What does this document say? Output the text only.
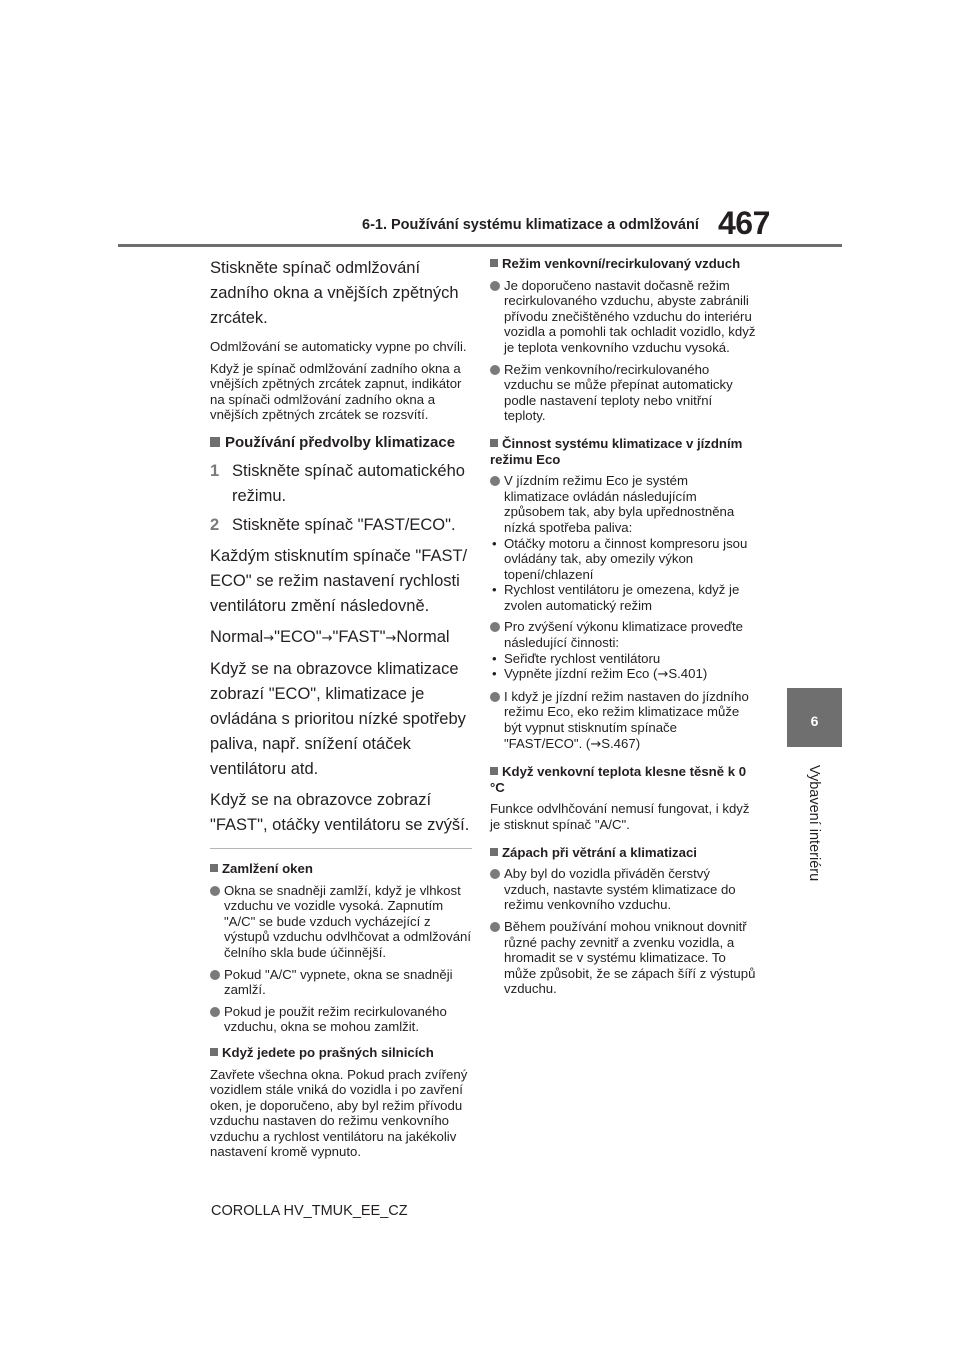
6-1. Používání systému klimatizace a odmlžování 467
6
Vybavení interiéru

Stiskněte spínač odmlžování zadního okna a vnějších zpětných zrcátek.

Odmlžování se automaticky vypne po chvíli.

Když je spínač odmlžování zadního okna a vnějších zpětných zrcátek zapnut, indikátor na spínači odmlžování zadního okna a vnějších zpětných zrcátek se rozsvítí.

Používání předvolby klimatizace
1 Stiskněte spínač automatického režimu.
2 Stiskněte spínač "FAST/ECO".

Každým stisknutím spínače "FAST/ ECO" se režim nastavení rychlosti ventilátoru změní následovně.

Normal→"ECO"→"FAST"→Normal

Když se na obrazovce klimatizace zobrazí "ECO", klimatizace je ovládána s prioritou nízké spotřeby paliva, např. snížení otáček ventilátoru atd.

Když se na obrazovce zobrazí "FAST", otáčky ventilátoru se zvýší.

Zamlžení oken
Okna se snadněji zamlží, když je vlhkost vzduchu ve vozidle vysoká. Zapnutím "A/C" se bude vzduch vycházející z výstupů vzduchu odvlhčovat a odmlžování čelního skla bude účinnější.
Pokud "A/C" vypnete, okna se snadněji zamlží.
Pokud je použit režim recirkulovaného vzduchu, okna se mohou zamlžit.
Když jedete po prašných silnicích

Zavřete všechna okna. Pokud prach zvířený vozidlem stále vniká do vozidla i po zavření oken, je doporučeno, aby byl režim přívodu vzduchu nastaven do režimu venkovního vzduchu a rychlost ventilátoru na jakékoliv nastavení kromě vypnuto.

Režim venkovní/recirkulovaný vzduch
Je doporučeno nastavit dočasně režim recirkulovaného vzduchu, abyste zabránili přívodu znečištěného vzduchu do interiéru vozidla a pomohli tak ochladit vozidlo, když je teplota venkovního vzduchu vysoká.
Režim venkovního/recirkulovaného vzduchu se může přepínat automaticky podle nastavení teploty nebo vnitřní teploty.
Činnost systému klimatizace v jízdním režimu Eco
V jízdním režimu Eco je systém klimatizace ovládán následujícím způsobem tak, aby byla upřednostněna nízká spotřeba paliva:
• Otáčky motoru a činnost kompresoru jsou ovládány tak, aby omezily výkon topení/chlazení
• Rychlost ventilátoru je omezena, když je zvolen automatický režim
Pro zvýšení výkonu klimatizace proveďte následující činnosti:
• Seřiďte rychlost ventilátoru
• Vypněte jízdní režim Eco (→S.401)
I když je jízdní režim nastaven do jízdního režimu Eco, eko režim klimatizace může být vypnut stisknutím spínače "FAST/ECO". (→S.467)
Když venkovní teplota klesne těsně k 0 °C

Funkce odvlhčování nemusí fungovat, i když je stisknut spínač "A/C".

Zápach při větrání a klimatizaci
Aby byl do vozidla přiváděn čerstvý vzduch, nastavte systém klimatizace do režimu venkovního vzduchu.
Během používání mohou vniknout dovnitř různé pachy zevnitř a zvenku vozidla, a hromadit se v systému klimatizace. To může způsobit, že se zápach šíří z výstupů vzduchu.
COROLLA HV_TMUK_EE_CZ
